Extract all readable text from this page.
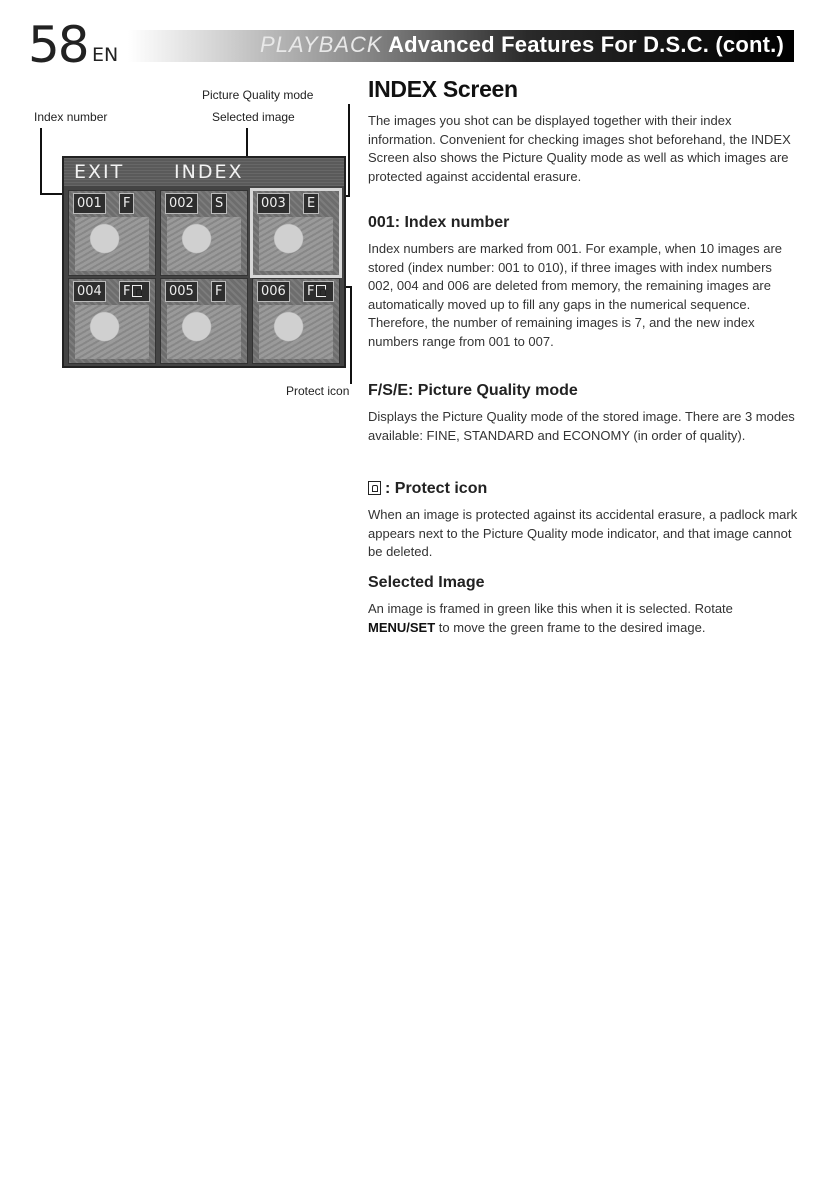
58 EN	PLAYBACK Advanced Features For D.S.C. (cont.)
Picture Quality mode
Index number	Selected image
Protect icon
EXIT	INDEX
001	F	002	S	003	E
004	F	005	F	006	F
INDEX Screen

The images you shot can be displayed together with their index information. Convenient for checking images shot beforehand, the INDEX Screen also shows the Picture Quality mode as well as which images are protected against accidental erasure.

001: Index number

Index numbers are marked from 001. For example, when 10 images are stored (index number: 001 to 010), if three images with index numbers 002, 004 and 006 are deleted from memory, the remaining images are automatically moved up to fill any gaps in the numerical sequence. Therefore, the number of remaining images is 7, and the new index numbers range from 001 to 007.

F/S/E: Picture Quality mode

Displays the Picture Quality mode of the stored image. There are 3 modes available: FINE, STANDARD and ECONOMY (in order of quality).

: Protect icon

When an image is protected against its accidental erasure, a padlock mark appears next to the Picture Quality mode indicator, and that image cannot be deleted.

Selected Image

An image is framed in green like this when it is selected. Rotate MENU/SET to move the green frame to the desired image.
